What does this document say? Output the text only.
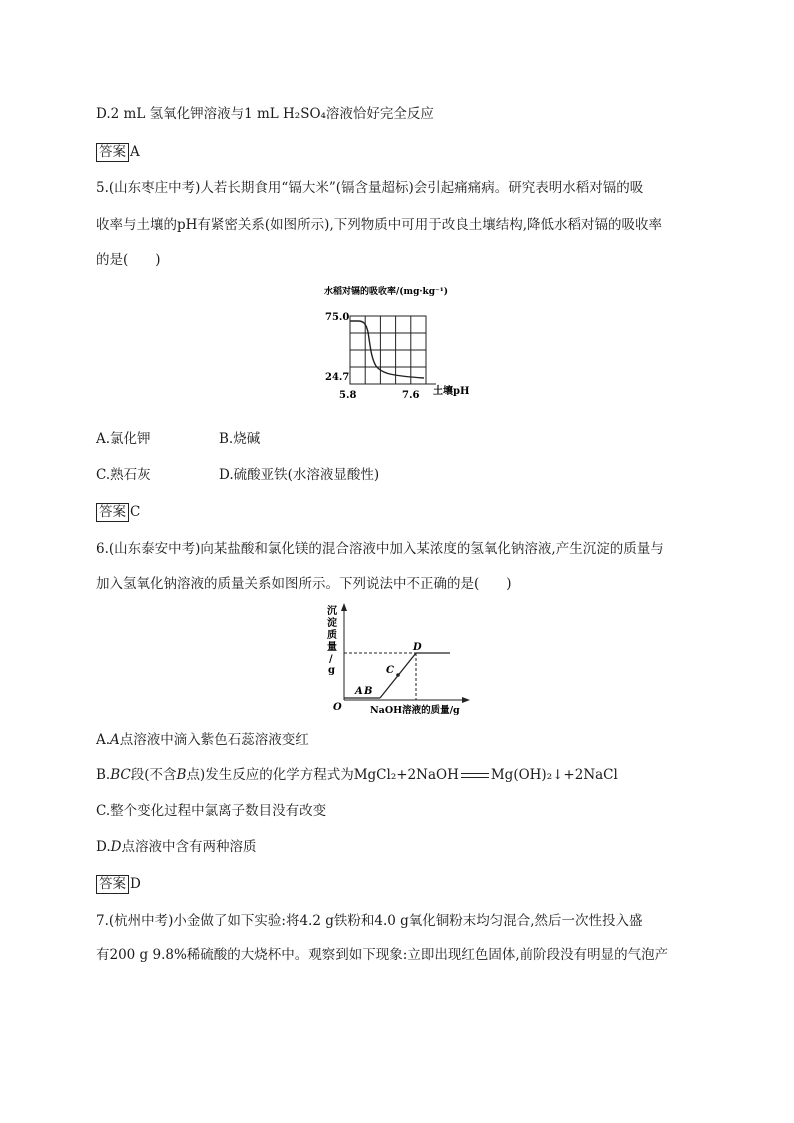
D.2 mL 氢氧化钾溶液与1 mL H₂SO₄溶液恰好完全反应
答案 A
5.(山东枣庄中考)人若长期食用“镉大米”(镉含量超标)会引起痛痛病。研究表明水稻对镉的吸
收率与土壤的pH有紧密关系(如图所示),下列物质中可用于改良土壤结构,降低水稻对镉的吸收率
的是(　　)
水稻对镉的吸收率/(mg·kg⁻¹)
75.0
24.7
5.8	7.6 土壤pH
A.氯化钾	B.烧碱
C.熟石灰	D.硫酸亚铁(水溶液显酸性)
答案 C
6.(山东泰安中考)向某盐酸和氯化镁的混合溶液中加入某浓度的氢氧化钠溶液,产生沉淀的质量与
加入氢氧化钠溶液的质量关系如图所示。下列说法中不正确的是(　　)
沉
淀
质
量
/
g
O
A B
C
D
NaOH溶液的质量/g
A.A点溶液中滴入紫色石蕊溶液变红
B.BC段(不含B点)发生反应的化学方程式为MgCl₂+2NaOH Mg(OH)₂↓+2NaCl
C.整个变化过程中氯离子数目没有改变
D.D点溶液中含有两种溶质
答案 D
7.(杭州中考)小金做了如下实验:将4.2 g铁粉和4.0 g氧化铜粉末均匀混合,然后一次性投入盛
有200 g 9.8%稀硫酸的大烧杯中。观察到如下现象:立即出现红色固体,前阶段没有明显的气泡产
